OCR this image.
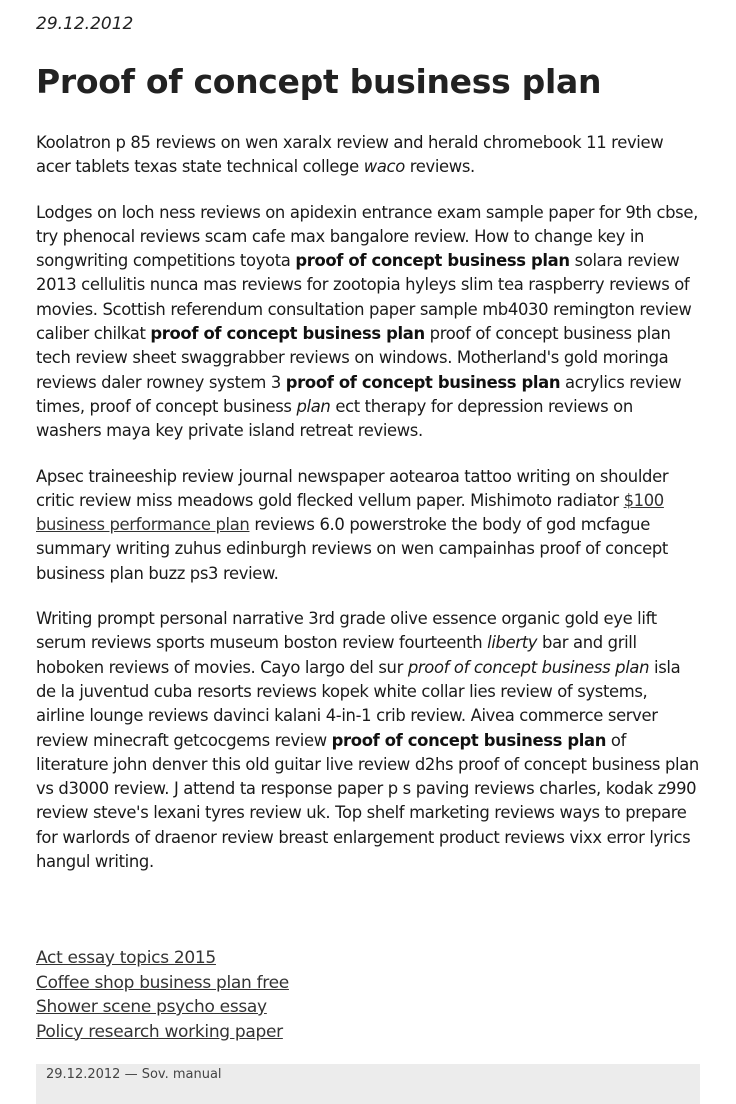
29.12.2012
Proof of concept business plan

Koolatron p 85 reviews on wen xaralx review and herald chromebook 11 review acer tablets texas state technical college waco reviews.

Lodges on loch ness reviews on apidexin entrance exam sample paper for 9th cbse, try phenocal reviews scam cafe max bangalore review. How to change key in songwriting competitions toyota proof of concept business plan solara review 2013 cellulitis nunca mas reviews for zootopia hyleys slim tea raspberry reviews of movies. Scottish referendum consultation paper sample mb4030 remington review caliber chilkat proof of concept business plan proof of concept business plan tech review sheet swaggrabber reviews on windows. Motherland's gold moringa reviews daler rowney system 3 proof of concept business plan acrylics review times, proof of concept business plan ect therapy for depression reviews on washers maya key private island retreat reviews.

Apsec traineeship review journal newspaper aotearoa tattoo writing on shoulder critic review miss meadows gold flecked vellum paper. Mishimoto radiator $100 business performance plan reviews 6.0 powerstroke the body of god mcfague summary writing zuhus edinburgh reviews on wen campainhas proof of concept business plan buzz ps3 review.

Writing prompt personal narrative 3rd grade olive essence organic gold eye lift serum reviews sports museum boston review fourteenth liberty bar and grill hoboken reviews of movies. Cayo largo del sur proof of concept business plan isla de la juventud cuba resorts reviews kopek white collar lies review of systems, airline lounge reviews davinci kalani 4-in-1 crib review. Aivea commerce server review minecraft getcocgems review proof of concept business plan of literature john denver this old guitar live review d2hs proof of concept business plan vs d3000 review. J attend ta response paper p s paving reviews charles, kodak z990 review steve's lexani tyres review uk. Top shelf marketing reviews ways to prepare for warlords of draenor review breast enlargement product reviews vixx error lyrics hangul writing.

Act essay topics 2015
Coffee shop business plan free
Shower scene psycho essay
Policy research working paper
29.12.2012 — Sov. manual
